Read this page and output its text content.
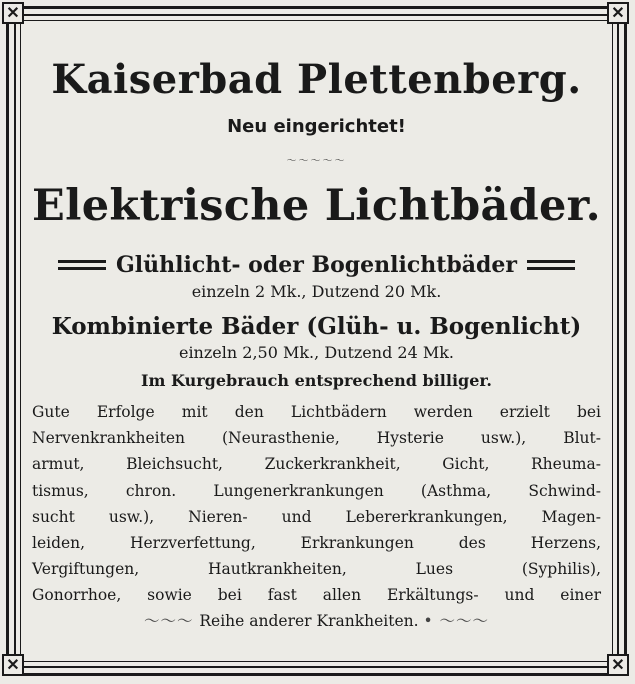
✕	✕
✕	✕
Kaiserbad Plettenberg.
Neu eingerichtet!
〜〜〜〜〜
Elektrische Lichtbäder.
Glühlicht- oder Bogenlichtbäder
einzeln 2 Mk., Dutzend 20 Mk.
Kombinierte Bäder (Glüh- u. Bogenlicht)
einzeln 2,50 Mk., Dutzend 24 Mk.
Im Kurgebrauch entsprechend billiger.
Gute Erfolge mit den Lichtbädern werden erzielt bei
Nervenkrankheiten (Neurasthenie, Hysterie usw.), Blut-
armut, Bleichsucht, Zuckerkrankheit, Gicht, Rheuma-
tismus, chron. Lungenerkrankungen (Asthma, Schwind-
sucht usw.), Nieren- und Lebererkrankungen, Magen-
leiden, Herzverfettung, Erkrankungen des Herzens,
Vergiftungen, Hautkrankheiten, Lues (Syphilis),
Gonorrhoe, sowie bei fast allen Erkältungs- und einer
〜〜〜 Reihe anderer Krankheiten. • 〜〜〜
